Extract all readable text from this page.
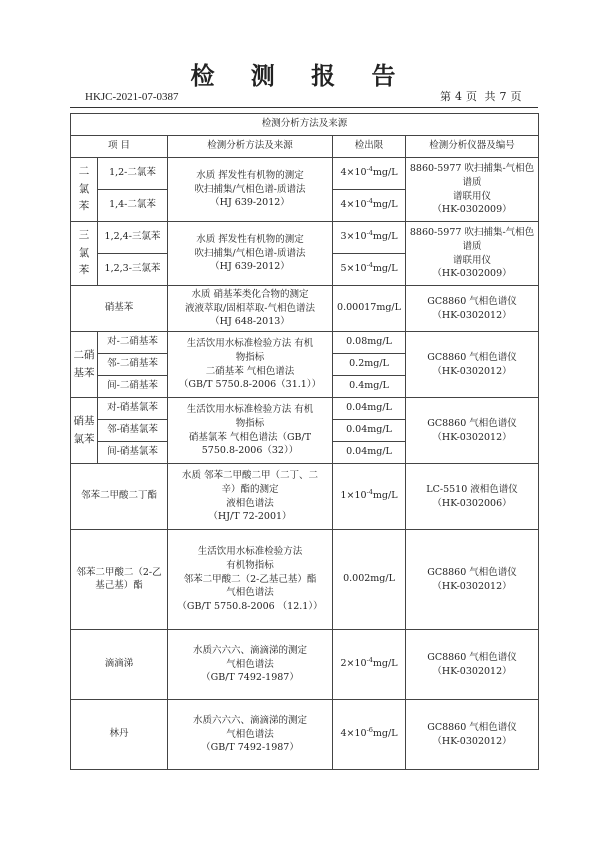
检 测 报 告
HKJC-2021-07-0387	第 4 页 共 7 页
检测分析方法及来源				
项 目		检测分析方法及来源	检出限	检测分析仪器及编号
二
氯
苯	1,2-二氯苯	水质 挥发性有机物的测定
吹扫捕集/气相色谱-质谱法
（HJ 639-2012）	$4\times 10^{-4}mg/L$	8860-5977 吹扫捕集-气相色谱质
谱联用仪
（HK-0302009）
	1,4-二氯苯		$4\times 10^{-4}mg/L$	
三
氯
苯	1,2,4-三氯苯	水质 挥发性有机物的测定
吹扫捕集/气相色谱-质谱法
（HJ 639-2012）	$3\times 10^{-4}mg/L$	8860-5977 吹扫捕集-气相色谱质
谱联用仪
（HK-0302009）
	1,2,3-三氯苯		$5\times 10^{-4}mg/L$	
硝基苯		水质 硝基苯类化合物的测定
液液萃取/固相萃取-气相色谱法
（HJ 648-2013）	0.00017mg/L	GC8860 气相色谱仪
（HK-0302012）
二硝
基苯	对-二硝基苯	生活饮用水标准检验方法 有机
物指标
二硝基苯 气相色谱法
（GB/T 5750.8-2006（31.1））	0.08mg/L	GC8860 气相色谱仪
（HK-0302012）
	邻-二硝基苯		0.2mg/L	
	间-二硝基苯		0.4mg/L	
硝基
氯苯	对-硝基氯苯	生活饮用水标准检验方法 有机
物指标
硝基氯苯 气相色谱法（GB/T
5750.8-2006（32））	0.04mg/L	GC8860 气相色谱仪
（HK-0302012）
	邻-硝基氯苯		0.04mg/L	
	间-硝基氯苯		0.04mg/L	
邻苯二甲酸二丁酯		水质 邻苯二甲酸二甲（二丁、二
辛）酯的测定
液相色谱法
（HJ/T 72-2001）	$1\times 10^{-4}mg/L$	LC-5510 液相色谱仪
（HK-0302006）
邻苯二甲酸二（2-乙基己基）酯		生活饮用水标准检验方法
有机物指标
邻苯二甲酸二（2-乙基己基）酯
气相色谱法
（GB/T 5750.8-2006 （12.1））	0.002mg/L	GC8860 气相色谱仪
（HK-0302012）
滴滴涕		水质六六六、滴滴涕的测定
气相色谱法
（GB/T 7492-1987）	$2\times 10^{-4}mg/L$	GC8860 气相色谱仪
（HK-0302012）
林丹		水质六六六、滴滴涕的测定
气相色谱法
（GB/T 7492-1987）	$4\times 10^{-6}mg/L$	GC8860 气相色谱仪
（HK-0302012）
